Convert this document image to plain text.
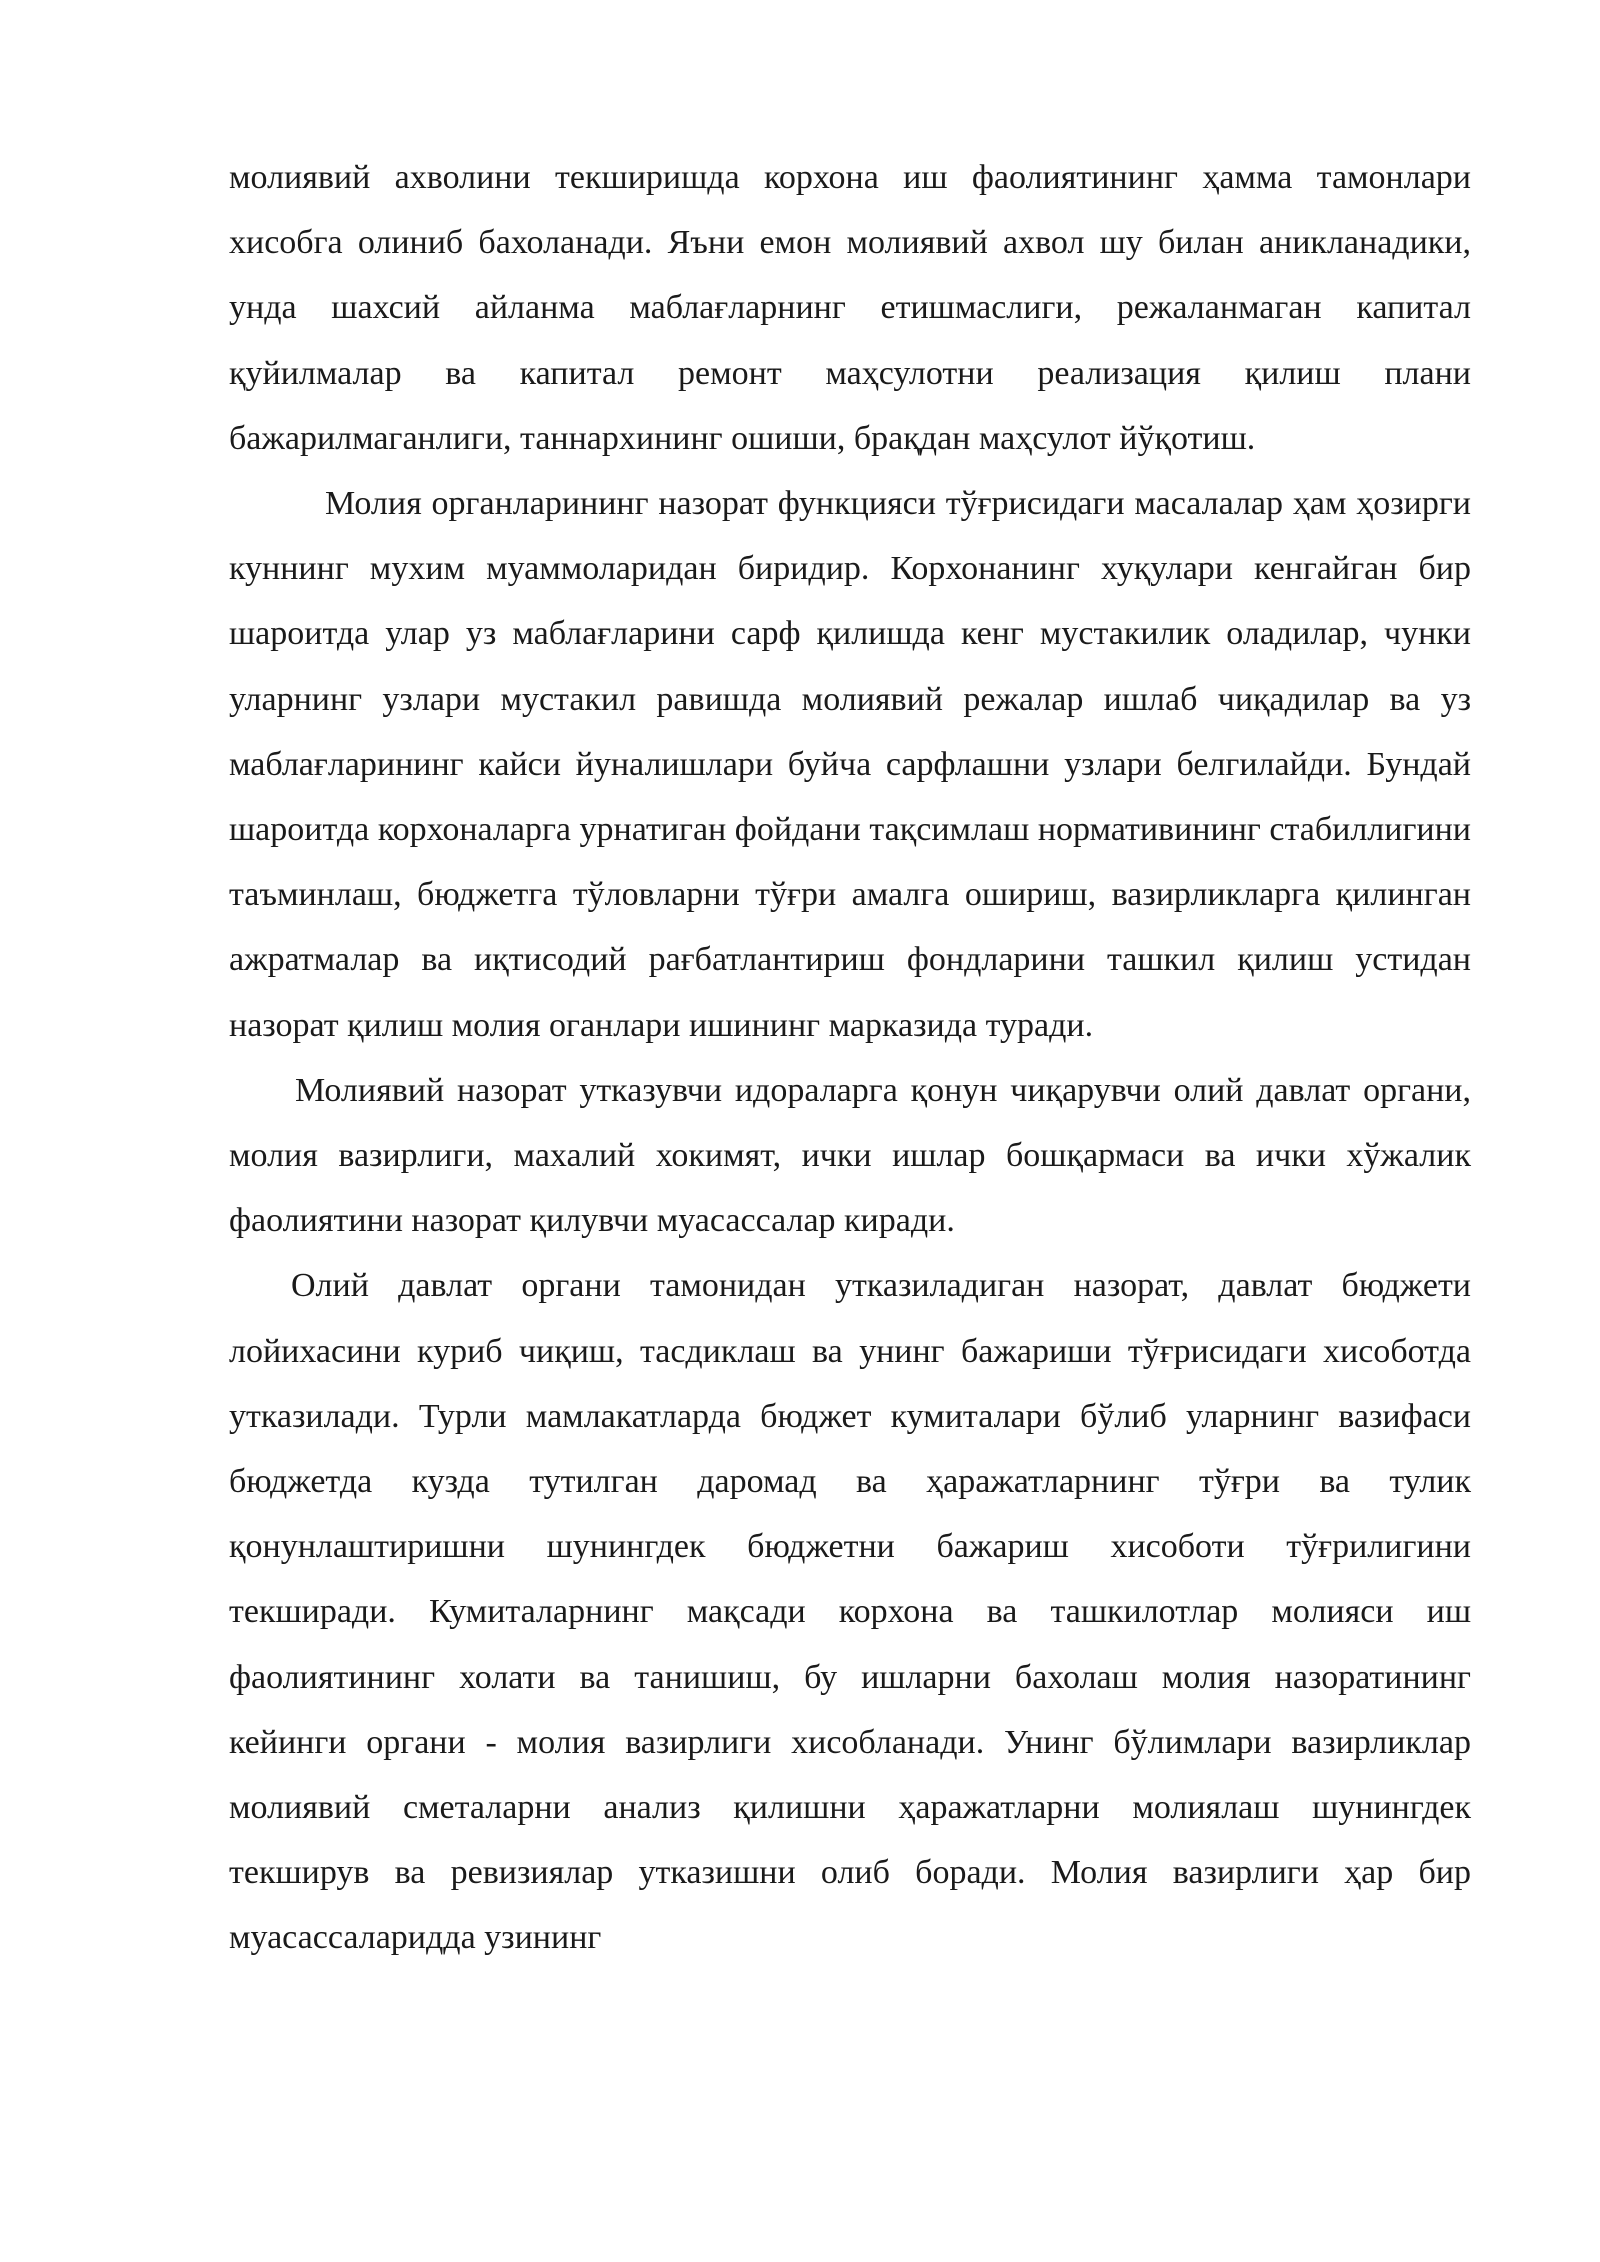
молиявий ахволини текширишда корхона иш фаолиятининг ҳамма тамонлари хисобга олиниб бахоланади. Яъни емон молиявий ахвол шу билан аникланадики, унда шахсий айланма маблағларнинг етишмаслиги, режаланмаган капитал қуйилмалар ва капитал ремонт маҳсулотни реализация қилиш плани бажарилмаганлиги, таннархининг ошиши, брақдан маҳсулот йўқотиш.

Молия органларининг назорат функцияси тўғрисидаги масалалар ҳам ҳозирги куннинг мухим муаммоларидан биридир. Корхонанинг хуқулари кенгайган бир шароитда улар уз маблағларини сарф қилишда кенг мустакилик оладилар, чунки уларнинг узлари мустакил равишда молиявий режалар ишлаб чиқадилар ва уз маблағларининг кайси йуналишлари буйча сарфлашни узлари белгилайди. Бундай шароитда корхоналарга урнатиган фойдани тақсимлаш нормативининг стабиллигини таъминлаш, бюджетга тўловларни тўғри амалга ошириш, вазирликларга қилинган ажратмалар ва иқтисодий рағбатлантириш фондларини ташкил қилиш устидан назорат қилиш молия оганлари ишининг марказида туради.

Молиявий назорат утказувчи идораларга қонун чиқарувчи олий давлат органи, молия вазирлиги, махалий хокимят, ички ишлар бошқармаси ва ички хўжалик фаолиятини назорат қилувчи муасассалар киради.

Олий давлат органи тамонидан утказиладиган назорат, давлат бюджети лойихасини куриб чиқиш, тасдиклаш ва унинг бажариши тўғрисидаги хисоботда утказилади. Турли мамлакатларда бюджет кумиталари бўлиб уларнинг вазифаси бюджетда кузда тутилган даромад ва ҳаражатларнинг тўғри ва тулик қонунлаштиришни шунингдек бюджетни бажариш хисоботи тўғрилигини текширади. Кумиталарнинг мақсади корхона ва ташкилотлар молияси иш фаолиятининг холати ва танишиш, бу ишларни бахолаш молия назоратининг кейинги органи - молия вазирлиги хисобланади. Унинг бўлимлари вазирликлар молиявий сметаларни анализ қилишни ҳаражатларни молиялаш шунингдек текширув ва ревизиялар утказишни олиб боради. Молия вазирлиги ҳар бир муасассаларидда узининг
